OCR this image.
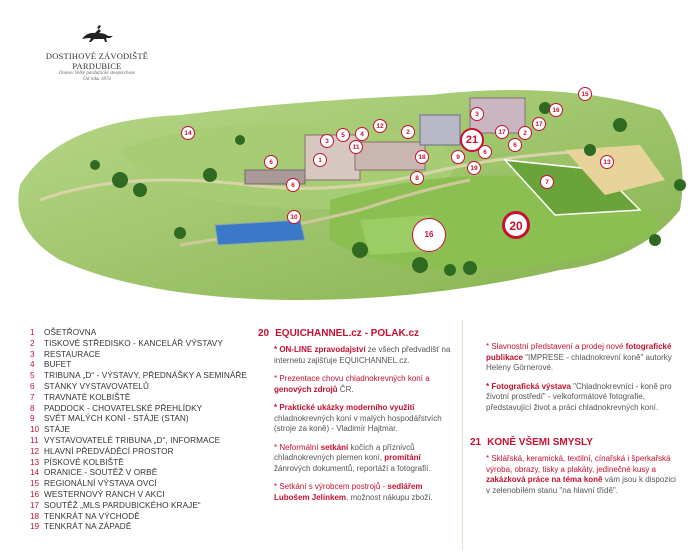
DOSTIHOVÉ ZÁVODIŠTĚ PARDUBICE
Domov Velké pardubické steeplechase
Od roku 1874
1
2
3
3
4
5
6
6
6
6
7
8
9
10
11
12
13
14
15
16
17
17
18
19
20
21
16
2
1	OŠETŘOVNA
2	TISKOVÉ STŘEDISKO - KANCELÁŘ VÝSTAVY
3	RESTAURACE
4	BUFET
5	TRIBUNA „D“ - VÝSTAVY, PŘEDNÁŠKY A SEMINÁŘE
6	STÁNKY VYSTAVOVATELŮ
7	TRAVNATÉ KOLBIŠTĚ
8	PADDOCK - CHOVATELSKÉ PŘEHLÍDKY
9	SVĚT MALÝCH KONÍ - STÁJE (STAN)
10 STÁJE
11 VYSTAVOVATELÉ TRIBUNA „D“, INFORMACE
12 HLAVNÍ PŘEDVÁDĚCÍ PROSTOR
13 PÍSKOVÉ KOLBIŠTĚ
14 ORANICE - SOUTĚŽ V ORBĚ
15 REGIONÁLNÍ VÝSTAVA OVCÍ
16 WESTERNOVÝ RANCH V AKCI
17 SOUTĚŽ „MLS PARDUBICKÉHO KRAJE“
18 TENKRÁT NA VÝCHODĚ
19 TENKRÁT NA ZÁPADĚ
20 EQUICHANNEL.cz - POLAK.cz
* ON-LINE zpravodajství ze všech předvadišť na internetu zajišťuje EQUICHANNEL.cz.
* Prezentace chovu chladnokrevných koní a genových zdrojů ČR.
* Praktické ukázky moderního využití chladnokrevných koní v malých hospodářstvích (stroje za koně) - Vladimír Hajtmar.
* Neformální setkání kočích a příznivců chladnokrevných plemen koní, promítání žánrových dokumentů, reportáží a fotografií.
* Setkání s výrobcem postrojů - sedlářem Lubošem Jelínkem, možnost nákupu zboží.
* Slavnostní představení a prodej nové fotografické publikace "IMPRESE - chladnokrevní koně" autorky Heleny Görnerové.
* Fotografická výstava "Chladnokrevníci - koně pro životní prostředí" - velkoformátové fotografie, představující život a práci chladnokrevných koní.
21 KONĚ VŠEMI SMYSLY
* Sklářská, keramická, textilní, cínařská i šperkařská výroba, obrazy, tisky a plakáty, jedinečné kusy a zakázková práce na téma koně vám jsou k dispozici v zelenobílém stanu "na hlavní třídě".
